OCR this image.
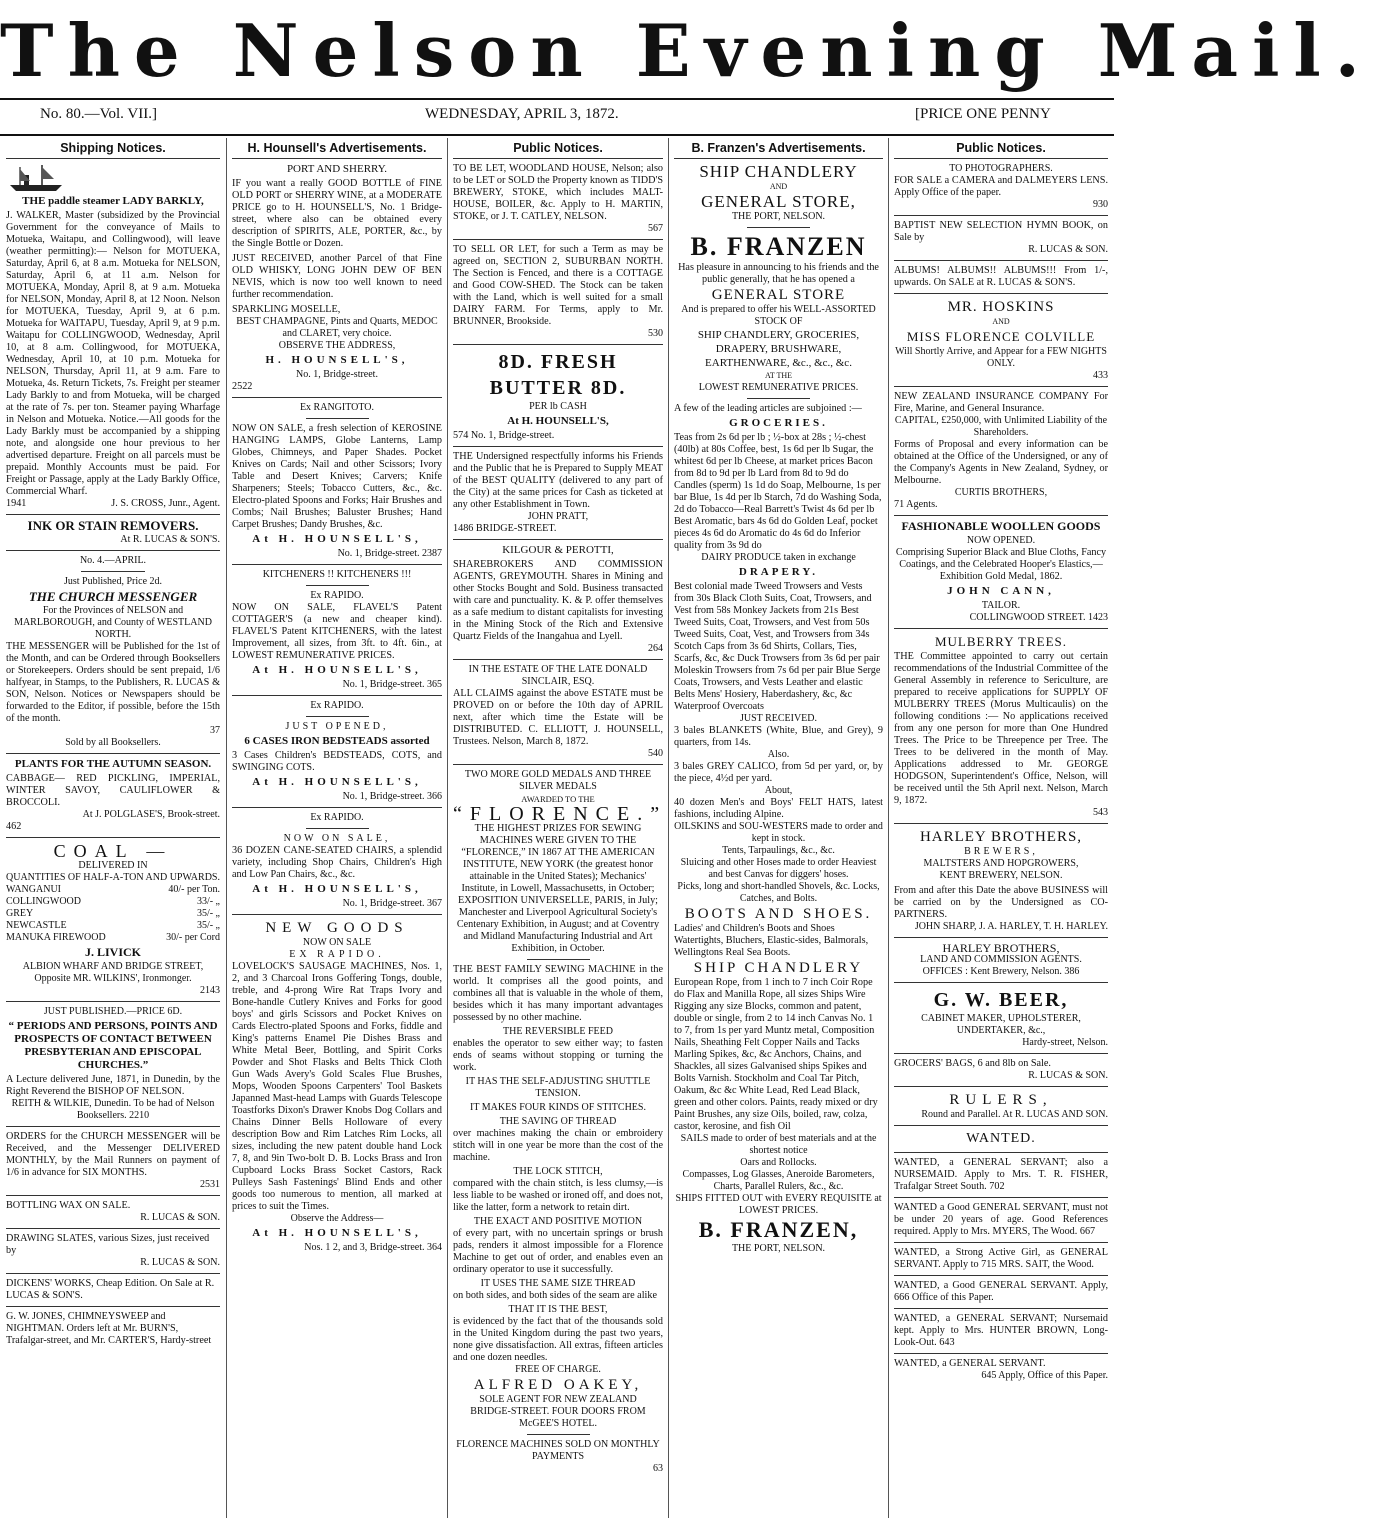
The Nelson Evening Mail.
No. 80.—Vol. VII.]	WEDNESDAY, APRIL 3, 1872.	[PRICE ONE PENNY
Shipping Notices.
THE paddle steamer LADY BARKLY,
J. WALKER, Master (subsidized by the Provincial Government for the conveyance of Mails to Motueka, Waitapu, and Collingwood), will leave (weather permitting):— Nelson for MOTUEKA, Saturday, April 6, at 8 a.m. Motueka for NELSON, Saturday, April 6, at 11 a.m. Nelson for MOTUEKA, Monday, April 8, at 9 a.m. Motueka for NELSON, Monday, April 8, at 12 Noon. Nelson for MOTUEKA, Tuesday, April 9, at 6 p.m. Motueka for WAITAPU, Tuesday, April 9, at 9 p.m. Waitapu for COLLINGWOOD, Wednesday, April 10, at 8 a.m. Collingwood, for MOTUEKA, Wednesday, April 10, at 10 p.m. Motueka for NELSON, Thursday, April 11, at 9 a.m. Fare to Motueka, 4s. Return Tickets, 7s. Freight per steamer Lady Barkly to and from Motueka, will be charged at the rate of 7s. per ton. Steamer paying Wharfage in Nelson and Motueka. Notice.—All goods for the Lady Barkly must be accompanied by a shipping note, and alongside one hour previous to her advertised departure. Freight on all parcels must be prepaid. Monthly Accounts must be paid. For Freight or Passage, apply at the Lady Barkly Office, Commercial Wharf.
1941	J. S. CROSS, Junr., Agent.
INK OR STAIN REMOVERS.
At R. LUCAS & SON'S.
No. 4.—APRIL.
Just Published, Price 2d.
THE CHURCH MESSENGER
For the Provinces of NELSON and MARLBOROUGH, and County of WESTLAND NORTH.
THE MESSENGER will be Published for the 1st of the Month, and can be Ordered through Booksellers or Storekeepers. Orders should be sent prepaid, 1/6 halfyear, in Stamps, to the Publishers, R. LUCAS & SON, Nelson. Notices or Newspapers should be forwarded to the Editor, if possible, before the 15th of the month.
37
Sold by all Booksellers.
PLANTS FOR THE AUTUMN SEASON.
CABBAGE— RED PICKLING, IMPERIAL, WINTER SAVOY, CAULIFLOWER & BROCCOLI.
At J. POLGLASE'S, Brook-street.
462
COAL —
DELIVERED IN
QUANTITIES OF HALF-A-TON AND UPWARDS.
WANGANUI	40/- per Ton.
COLLINGWOOD	33/- „
GREY	35/- „
NEWCASTLE	35/- „
MANUKA FIREWOOD	30/- per Cord
J. LIVICK
ALBION WHARF AND BRIDGE STREET,
Opposite MR. WILKINS', Ironmonger.
2143
JUST PUBLISHED.—PRICE 6D.
“ PERIODS AND PERSONS, POINTS AND PROSPECTS OF CONTACT BETWEEN PRESBYTERIAN AND EPISCOPAL CHURCHES.”
A Lecture delivered June, 1871, in Dunedin, by the Right Reverend the BISHOP OF NELSON.
REITH & WILKIE, Dunedin. To be had of Nelson Booksellers. 2210
ORDERS for the CHURCH MESSENGER will be Received, and the Messenger DELIVERED MONTHLY, by the Mail Runners on payment of 1/6 in advance for SIX MONTHS.
2531
BOTTLING WAX ON SALE.
R. LUCAS & SON.
DRAWING SLATES, various Sizes, just received by
R. LUCAS & SON.
DICKENS' WORKS, Cheap Edition. On Sale at R. LUCAS & SON'S.
G. W. JONES, CHIMNEYSWEEP and NIGHTMAN. Orders left at Mr. BURN'S, Trafalgar-street, and Mr. CARTER'S, Hardy-street
H. Hounsell's Advertisements.
PORT AND SHERRY.
IF you want a really GOOD BOTTLE of FINE OLD PORT or SHERRY WINE, at a MODERATE PRICE go to H. HOUNSELL'S, No. 1 Bridge-street, where also can be obtained every description of SPIRITS, ALE, PORTER, &c., by the Single Bottle or Dozen.
JUST RECEIVED, another Parcel of that Fine OLD WHISKY, LONG JOHN DEW OF BEN NEVIS, which is now too well known to need further recommendation.
SPARKLING MOSELLE,
BEST CHAMPAGNE, Pints and Quarts, MEDOC and CLARET, very choice.
OBSERVE THE ADDRESS,
H. HOUNSELL'S,
No. 1, Bridge-street.
2522
Ex RANGITOTO.
NOW ON SALE, a fresh selection of KEROSINE HANGING LAMPS, Globe Lanterns, Lamp Globes, Chimneys, and Paper Shades. Pocket Knives on Cards; Nail and other Scissors; Ivory Table and Desert Knives; Carvers; Knife Sharpeners; Steels; Tobacco Cutters, &c., &c. Electro-plated Spoons and Forks; Hair Brushes and Combs; Nail Brushes; Baluster Brushes; Hand Carpet Brushes; Dandy Brushes, &c.
At H. HOUNSELL'S,
No. 1, Bridge-street. 2387
KITCHENERS !! KITCHENERS !!!
Ex RAPIDO.
NOW ON SALE, FLAVEL'S Patent COTTAGER'S (a new and cheaper kind). FLAVEL'S Patent KITCHENERS, with the latest Improvement, all sizes, from 3ft. to 4ft. 6in., at LOWEST REMUNERATIVE PRICES.
At H. HOUNSELL'S,
No. 1, Bridge-street. 365
Ex RAPIDO.
JUST OPENED,
6 CASES IRON BEDSTEADS assorted
3 Cases Children's BEDSTEADS, COTS, and SWINGING COTS.
At H. HOUNSELL'S,
No. 1, Bridge-street. 366
Ex RAPIDO.
NOW ON SALE,
36 DOZEN CANE-SEATED CHAIRS, a splendid variety, including Shop Chairs, Children's High and Low Pan Chairs, &c., &c.
At H. HOUNSELL'S,
No. 1, Bridge-street. 367
NEW GOODS
NOW ON SALE
EX RAPIDO.
LOVELOCK'S SAUSAGE MACHINES, Nos. 1, 2, and 3 Charcoal Irons Goffering Tongs, double, treble, and 4-prong Wire Rat Traps Ivory and Bone-handle Cutlery Knives and Forks for good boys' and girls Scissors and Pocket Knives on Cards Electro-plated Spoons and Forks, fiddle and King's patterns Enamel Pie Dishes Brass and White Metal Beer, Bottling, and Spirit Corks Powder and Shot Flasks and Belts Thick Cloth Gun Wads Avery's Gold Scales Flue Brushes, Mops, Wooden Spoons Carpenters' Tool Baskets Japanned Mast-head Lamps with Guards Telescope Toastforks Dixon's Drawer Knobs Dog Collars and Chains Dinner Bells Holloware of every description Bow and Rim Latches Rim Locks, all sizes, including the new patent double hand Lock 7, 8, and 9in Two-bolt D. B. Locks Brass and Iron Cupboard Locks Brass Socket Castors, Rack Pulleys Sash Fastenings' Blind Ends and other goods too numerous to mention, all marked at prices to suit the Times.
Observe the Address—
At H. HOUNSELL'S,
Nos. 1 2, and 3, Bridge-street. 364
Public Notices.
TO BE LET, WOODLAND HOUSE, Nelson; also to be LET or SOLD the Property known as TIDD'S BREWERY, STOKE, which includes MALT-HOUSE, BOILER, &c. Apply to H. MARTIN, STOKE, or J. T. CATLEY, NELSON.
567
TO SELL OR LET, for such a Term as may be agreed on, SECTION 2, SUBURBAN NORTH. The Section is Fenced, and there is a COTTAGE and Good COW-SHED. The Stock can be taken with the Land, which is well suited for a small DAIRY FARM. For Terms, apply to Mr. BRUNNER, Brookside.
530
8D. FRESH BUTTER 8D.
PER lb CASH
At H. HOUNSELL'S,
574 No. 1, Bridge-street.
THE Undersigned respectfully informs his Friends and the Public that he is Prepared to Supply MEAT of the BEST QUALITY (delivered to any part of the City) at the same prices for Cash as ticketed at any other Establishment in Town.
JOHN PRATT,
1486 BRIDGE-STREET.
KILGOUR & PEROTTI,
SHAREBROKERS AND COMMISSION AGENTS, GREYMOUTH. Shares in Mining and other Stocks Bought and Sold. Business transacted with care and punctuality. K. & P. offer themselves as a safe medium to distant capitalists for investing in the Mining Stock of the Rich and Extensive Quartz Fields of the Inangahua and Lyell.
264
IN THE ESTATE OF THE LATE DONALD SINCLAIR, ESQ.
ALL CLAIMS against the above ESTATE must be PROVED on or before the 10th day of APRIL next, after which time the Estate will be DISTRIBUTED. C. ELLIOTT, J. HOUNSELL, Trustees. Nelson, March 8, 1872.
540
TWO MORE GOLD MEDALS AND THREE SILVER MEDALS
AWARDED TO THE
“FLORENCE.”
THE HIGHEST PRIZES FOR SEWING MACHINES WERE GIVEN TO THE “FLORENCE,” IN 1867 AT THE AMERICAN INSTITUTE, NEW YORK (the greatest honor attainable in the United States); Mechanics' Institute, in Lowell, Massachusetts, in October; EXPOSITION UNIVERSELLE, PARIS, in July; Manchester and Liverpool Agricultural Society's Centenary Exhibition, in August; and at Coventry and Midland Manufacturing Industrial and Art Exhibition, in October.
THE BEST FAMILY SEWING MACHINE in the world. It comprises all the good points, and combines all that is valuable in the whole of them, besides which it has many important advantages possessed by no other machine.
THE REVERSIBLE FEED
enables the operator to sew either way; to fasten ends of seams without stopping or turning the work.
IT HAS THE SELF-ADJUSTING SHUTTLE TENSION.
IT MAKES FOUR KINDS OF STITCHES.
THE SAVING OF THREAD
over machines making the chain or embroidery stitch will in one year be more than the cost of the machine.
THE LOCK STITCH,
compared with the chain stitch, is less clumsy,—is less liable to be washed or ironed off, and does not, like the latter, form a network to retain dirt.
THE EXACT AND POSITIVE MOTION
of every part, with no uncertain springs or brush pads, renders it almost impossible for a Florence Machine to get out of order, and enables even an ordinary operator to use it successfully.
IT USES THE SAME SIZE THREAD
on both sides, and both sides of the seam are alike
THAT IT IS THE BEST,
is evidenced by the fact that of the thousands sold in the United Kingdom during the past two years, none give dissatisfaction. All extras, fifteen articles and one dozen needles.
FREE OF CHARGE.
ALFRED OAKEY,
SOLE AGENT FOR NEW ZEALAND
BRIDGE-STREET. FOUR DOORS FROM McGEE'S HOTEL.
FLORENCE MACHINES SOLD ON MONTHLY PAYMENTS
63
B. Franzen's Advertisements.
SHIP CHANDLERY
AND
GENERAL STORE,
THE PORT, NELSON.
B. FRANZEN
Has pleasure in announcing to his friends and the public generally, that he has opened a
GENERAL STORE
And is prepared to offer his WELL-ASSORTED STOCK OF
SHIP CHANDLERY, GROCERIES, DRAPERY, BRUSHWARE, EARTHENWARE, &c., &c., &c.
AT THE
LOWEST REMUNERATIVE PRICES.
A few of the leading articles are subjoined :—
GROCERIES.
Teas from 2s 6d per lb ; ½-box at 28s ; ½-chest (40lb) at 80s Coffee, best, 1s 6d per lb Sugar, the whitest 6d per lb Cheese, at market prices Bacon from 8d to 9d per lb Lard from 8d to 9d do Candles (sperm) 1s 1d do Soap, Melbourne, 1s per bar Blue, 1s 4d per lb Starch, 7d do Washing Soda, 2d do Tobacco—Real Barrett's Twist 4s 6d per lb Best Aromatic, bars 4s 6d do Golden Leaf, pocket pieces 4s 6d do Aromatic do 4s 6d do Inferior quality from 3s 9d do
DAIRY PRODUCE taken in exchange
DRAPERY.
Best colonial made Tweed Trowsers and Vests from 30s Black Cloth Suits, Coat, Trowsers, and Vest from 58s Monkey Jackets from 21s Best Tweed Suits, Coat, Trowsers, and Vest from 50s Tweed Suits, Coat, Vest, and Trowsers from 34s Scotch Caps from 3s 6d Shirts, Collars, Ties, Scarfs, &c, &c Duck Trowsers from 3s 6d per pair Moleskin Trowsers from 7s 6d per pair Blue Serge Coats, Trowsers, and Vests Leather and elastic Belts Mens' Hosiery, Haberdashery, &c, &c Waterproof Overcoats
JUST RECEIVED.
3 bales BLANKETS (White, Blue, and Grey), 9 quarters, from 14s.
Also.
3 bales GREY CALICO, from 5d per yard, or, by the piece, 4½d per yard.
About,
40 dozen Men's and Boys' FELT HATS, latest fashions, including Alpine.
OILSKINS and SOU-WESTERS made to order and kept in stock.
Tents, Tarpaulings, &c., &c.
Sluicing and other Hoses made to order Heaviest and best Canvas for diggers' hoses.
Picks, long and short-handled Shovels, &c. Locks, Catches, and Bolts.
BOOTS AND SHOES.
Ladies' and Children's Boots and Shoes Watertights, Bluchers, Elastic-sides, Balmorals, Wellingtons Real Sea Boots.
SHIP CHANDLERY
European Rope, from 1 inch to 7 inch Coir Rope do Flax and Manilla Rope, all sizes Ships Wire Rigging any size Blocks, common and patent, double or single, from 2 to 14 inch Canvas No. 1 to 7, from 1s per yard Muntz metal, Composition Nails, Sheathing Felt Copper Nails and Tacks Marling Spikes, &c, &c Anchors, Chains, and Shackles, all sizes Galvanised ships Spikes and Bolts Varnish. Stockholm and Coal Tar Pitch, Oakum, &c &c White Lead, Red Lead Black, green and other colors. Paints, ready mixed or dry Paint Brushes, any size Oils, boiled, raw, colza, castor, kerosine, and fish Oil
SAILS made to order of best materials and at the shortest notice
Oars and Rollocks.
Compasses, Log Glasses, Aneroide Barometers, Charts, Parallel Rulers, &c., &c.
SHIPS FITTED OUT with EVERY REQUISITE at LOWEST PRICES.
B. FRANZEN,
THE PORT, NELSON.
Public Notices.
TO PHOTOGRAPHERS.
FOR SALE a CAMERA and DALMEYERS LENS. Apply Office of the paper.
930
BAPTIST NEW SELECTION HYMN BOOK, on Sale by
R. LUCAS & SON.
ALBUMS! ALBUMS!! ALBUMS!!! From 1/-, upwards. On SALE at R. LUCAS & SON'S.
MR. HOSKINS
AND
MISS FLORENCE COLVILLE
Will Shortly Arrive, and Appear for a FEW NIGHTS ONLY.
433
NEW ZEALAND INSURANCE COMPANY For Fire, Marine, and General Insurance.
CAPITAL, £250,000, with Unlimited Liability of the Shareholders.
Forms of Proposal and every information can be obtained at the Office of the Undersigned, or any of the Company's Agents in New Zealand, Sydney, or Melbourne.
CURTIS BROTHERS,
71 Agents.
FASHIONABLE WOOLLEN GOODS
NOW OPENED.
Comprising Superior Black and Blue Cloths, Fancy Coatings, and the Celebrated Hooper's Elastics,—Exhibition Gold Medal, 1862.
JOHN CANN,
TAILOR.
COLLINGWOOD STREET. 1423
MULBERRY TREES.
THE Committee appointed to carry out certain recommendations of the Industrial Committee of the General Assembly in reference to Sericulture, are prepared to receive applications for SUPPLY OF MULBERRY TREES (Morus Multicaulis) on the following conditions :— No applications received from any one person for more than One Hundred Trees. The Price to be Threepence per Tree. The Trees to be delivered in the month of May. Applications addressed to Mr. GEORGE HODGSON, Superintendent's Office, Nelson, will be received until the 5th April next. Nelson, March 9, 1872.
543
HARLEY BROTHERS,
BREWERS,
MALTSTERS AND HOPGROWERS,
KENT BREWERY, NELSON.
From and after this Date the above BUSINESS will be carried on by the Undersigned as CO-PARTNERS.
JOHN SHARP, J. A. HARLEY, T. H. HARLEY.
HARLEY BROTHERS,
LAND AND COMMISSION AGENTS.
OFFICES : Kent Brewery, Nelson. 386
G. W. BEER,
CABINET MAKER, UPHOLSTERER, UNDERTAKER, &c.,
Hardy-street, Nelson.
GROCERS' BAGS, 6 and 8lb on Sale.
R. LUCAS & SON.
RULERS,
Round and Parallel. At R. LUCAS AND SON.
WANTED.
WANTED, a GENERAL SERVANT; also a NURSEMAID. Apply to Mrs. T. R. FISHER, Trafalgar Street South. 702
WANTED a Good GENERAL SERVANT, must not be under 20 years of age. Good References required. Apply to Mrs. MYERS, The Wood. 667
WANTED, a Strong Active Girl, as GENERAL SERVANT. Apply to 715 MRS. SAIT, the Wood.
WANTED, a Good GENERAL SERVANT. Apply, 666 Office of this Paper.
WANTED, a GENERAL SERVANT; Nursemaid kept. Apply to Mrs. HUNTER BROWN, Long-Look-Out. 643
WANTED, a GENERAL SERVANT.
645 Apply, Office of this Paper.
